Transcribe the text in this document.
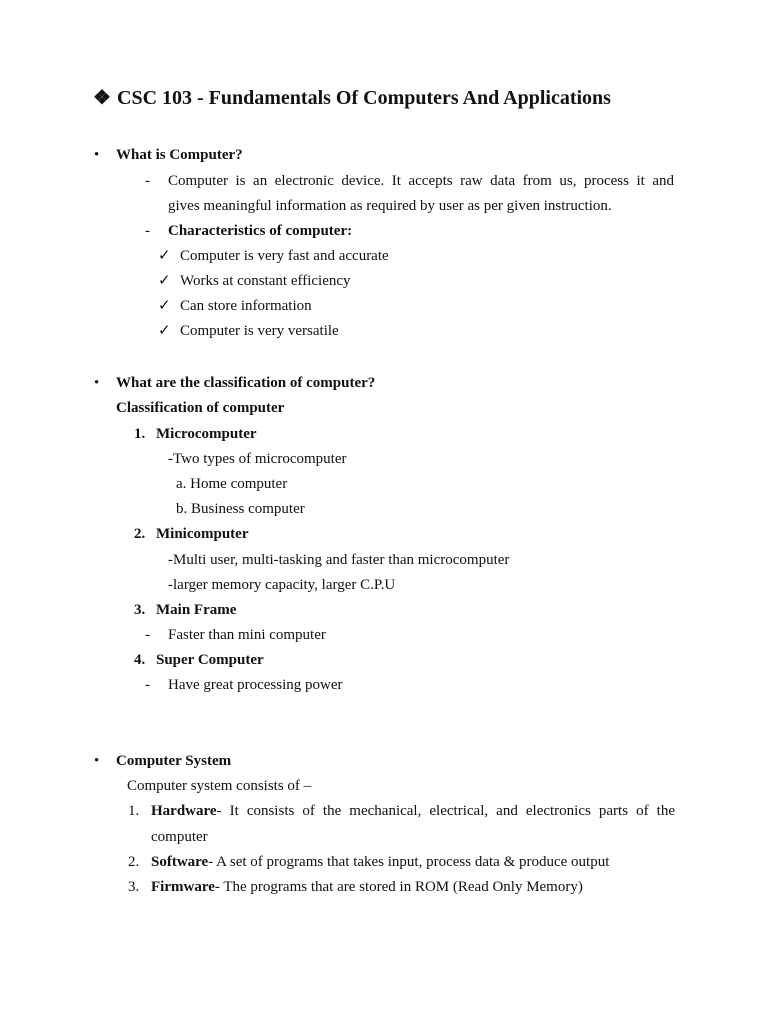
❖ CSC 103 - Fundamentals Of Computers And Applications
• What is Computer?
- Computer is an electronic device. It accepts raw data from us, process it and
gives meaningful information as required by user as per given instruction.
- Characteristics of computer:
✓ Computer is very fast and accurate
✓ Works at constant efficiency
✓ Can store information
✓ Computer is very versatile
• What are the classification of computer?
Classification of computer
1. Microcomputer
-Two types of microcomputer
a. Home computer
b. Business computer
2. Minicomputer
-Multi user, multi-tasking and faster than microcomputer
-larger memory capacity, larger C.P.U
3. Main Frame
- Faster than mini computer
4. Super Computer
- Have great processing power
• Computer System
Computer system consists of –
1. Hardware - It consists of the mechanical, electrical, and electronics parts of the
computer
2. Software- A set of programs that takes input, process data & produce output
3. Firmware- The programs that are stored in ROM (Read Only Memory)
